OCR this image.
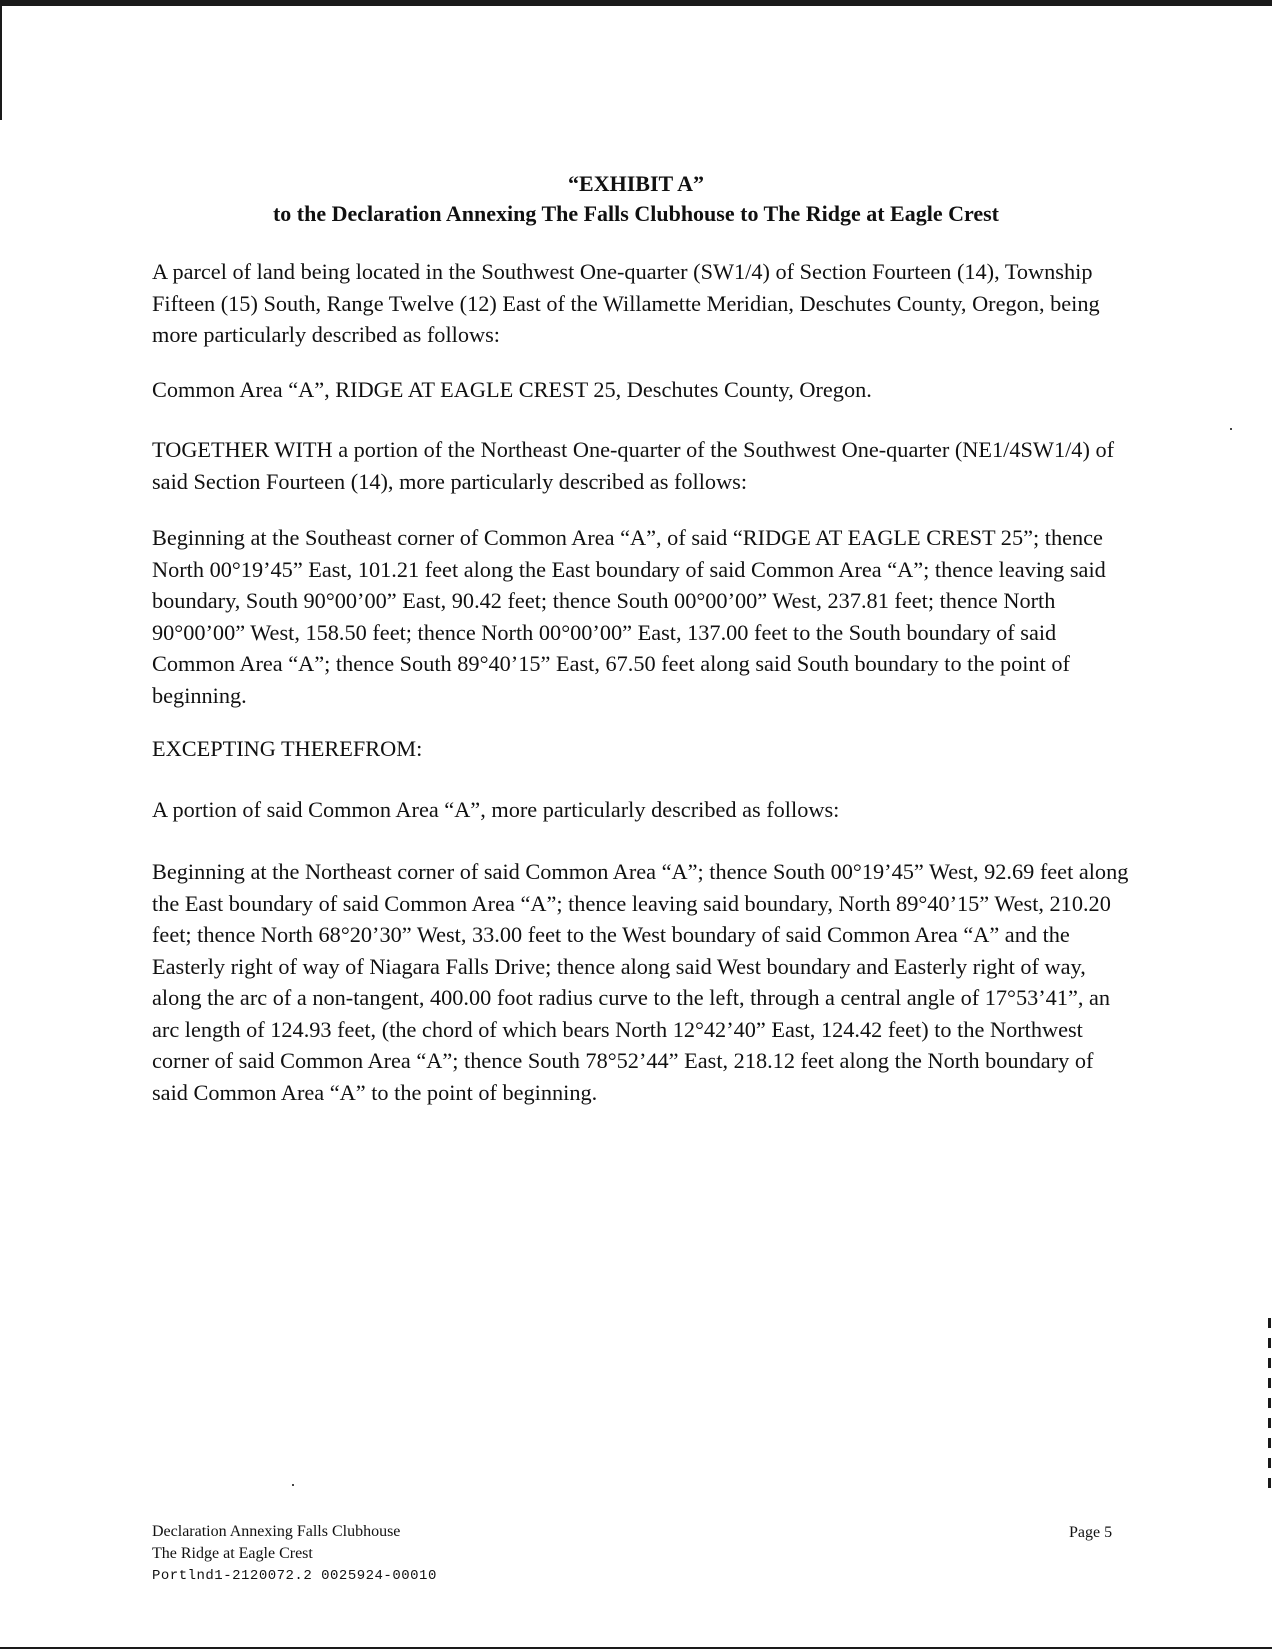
“EXHIBIT A”
to the Declaration Annexing The Falls Clubhouse to The Ridge at Eagle Crest
A parcel of land being located in the Southwest One-quarter (SW1/4) of Section Fourteen (14), Township Fifteen (15) South, Range Twelve (12) East of the Willamette Meridian, Deschutes County, Oregon, being more particularly described as follows:
Common Area “A”, RIDGE AT EAGLE CREST 25, Deschutes County, Oregon.
TOGETHER WITH a portion of the Northeast One-quarter of the Southwest One-quarter (NE1/4SW1/4) of said Section Fourteen (14), more particularly described as follows:
Beginning at the Southeast corner of Common Area “A”, of said “RIDGE AT EAGLE CREST 25”; thence North 00°19’45” East, 101.21 feet along the East boundary of said Common Area “A”; thence leaving said boundary, South 90°00’00” East, 90.42 feet; thence South 00°00’00” West, 237.81 feet; thence North 90°00’00” West, 158.50 feet; thence North 00°00’00” East, 137.00 feet to the South boundary of said Common Area “A”; thence South 89°40’15” East, 67.50 feet along said South boundary to the point of beginning.
EXCEPTING THEREFROM:
A portion of said Common Area “A”, more particularly described as follows:
Beginning at the Northeast corner of said Common Area “A”; thence South 00°19’45” West, 92.69 feet along the East boundary of said Common Area “A”; thence leaving said boundary, North 89°40’15” West, 210.20 feet; thence North 68°20’30” West, 33.00 feet to the West boundary of said Common Area “A” and the Easterly right of way of Niagara Falls Drive; thence along said West boundary and Easterly right of way, along the arc of a non-tangent, 400.00 foot radius curve to the left, through a central angle of 17°53’41”, an arc length of 124.93 feet, (the chord of which bears North 12°42’40” East, 124.42 feet) to the Northwest corner of said Common Area “A”; thence South 78°52’44” East, 218.12 feet along the North boundary of said Common Area “A” to the point of beginning.
Declaration Annexing Falls Clubhouse
The Ridge at Eagle Crest
Portlnd1-2120072.2 0025924-00010
Page 5
